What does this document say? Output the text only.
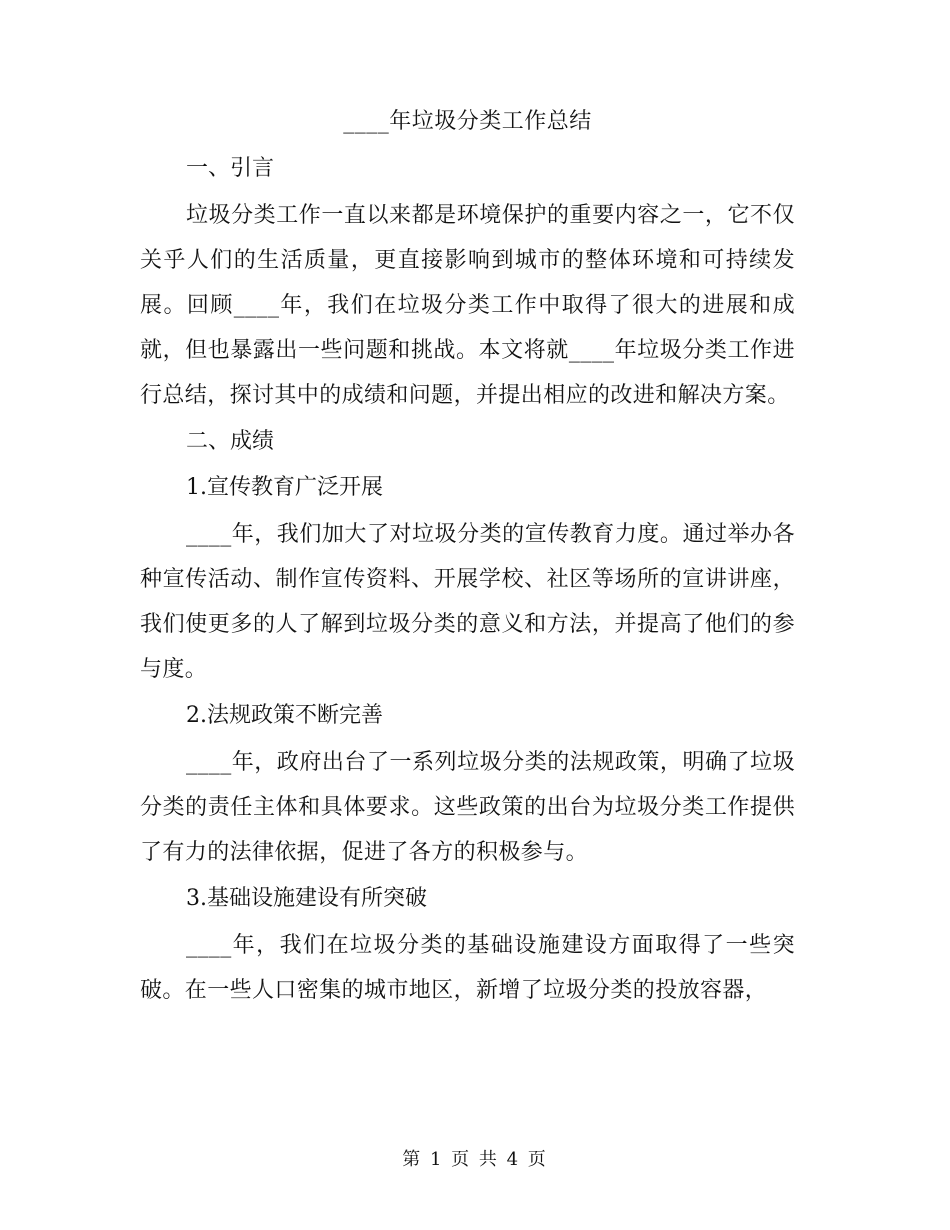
____年垃圾分类工作总结
一、引言
垃圾分类工作一直以来都是环境保护的重要内容之一，它不仅关乎人们的生活质量，更直接影响到城市的整体环境和可持续发展。回顾____年，我们在垃圾分类工作中取得了很大的进展和成就，但也暴露出一些问题和挑战。本文将就____年垃圾分类工作进行总结，探讨其中的成绩和问题，并提出相应的改进和解决方案。
二、成绩
1.宣传教育广泛开展
____年，我们加大了对垃圾分类的宣传教育力度。通过举办各种宣传活动、制作宣传资料、开展学校、社区等场所的宣讲讲座，我们使更多的人了解到垃圾分类的意义和方法，并提高了他们的参与度。
2.法规政策不断完善
____年，政府出台了一系列垃圾分类的法规政策，明确了垃圾分类的责任主体和具体要求。这些政策的出台为垃圾分类工作提供了有力的法律依据，促进了各方的积极参与。
3.基础设施建设有所突破
____年，我们在垃圾分类的基础设施建设方面取得了一些突破。在一些人口密集的城市地区，新增了垃圾分类的投放容器，
第 1 页 共 4 页
